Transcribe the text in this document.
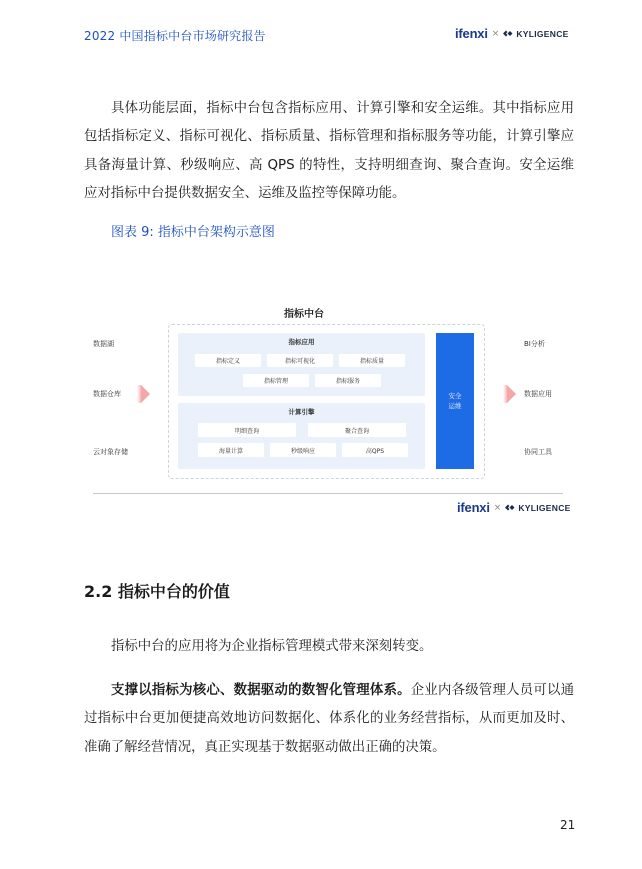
2022 中国指标中台市场研究报告	ifenxi × KYLIGENCE
具体功能层面，指标中台包含指标应用、计算引擎和安全运维。其中指标应用包括指标定义、指标可视化、指标质量、指标管理和指标服务等功能，计算引擎应具备海量计算、秒级响应、高 QPS 的特性，支持明细查询、聚合查询。安全运维应对指标中台提供数据安全、运维及监控等保障功能。
图表 9: 指标中台架构示意图
指标中台
数据湖
数据仓库
云对象存储
指标应用
指标定义	指标可视化	指标质量
指标管理	指标服务
计算引擎
明细查询	聚合查询
海量计算	秒级响应	高QPS
安全
运维
BI分析
数据应用
协同工具
ifenxi × KYLIGENCE
2.2 指标中台的价值
指标中台的应用将为企业指标管理模式带来深刻转变。
支撑以指标为核心、数据驱动的数智化管理体系。企业内各级管理人员可以通过指标中台更加便捷高效地访问数据化、体系化的业务经营指标，从而更加及时、准确了解经营情况，真正实现基于数据驱动做出正确的决策。
21
